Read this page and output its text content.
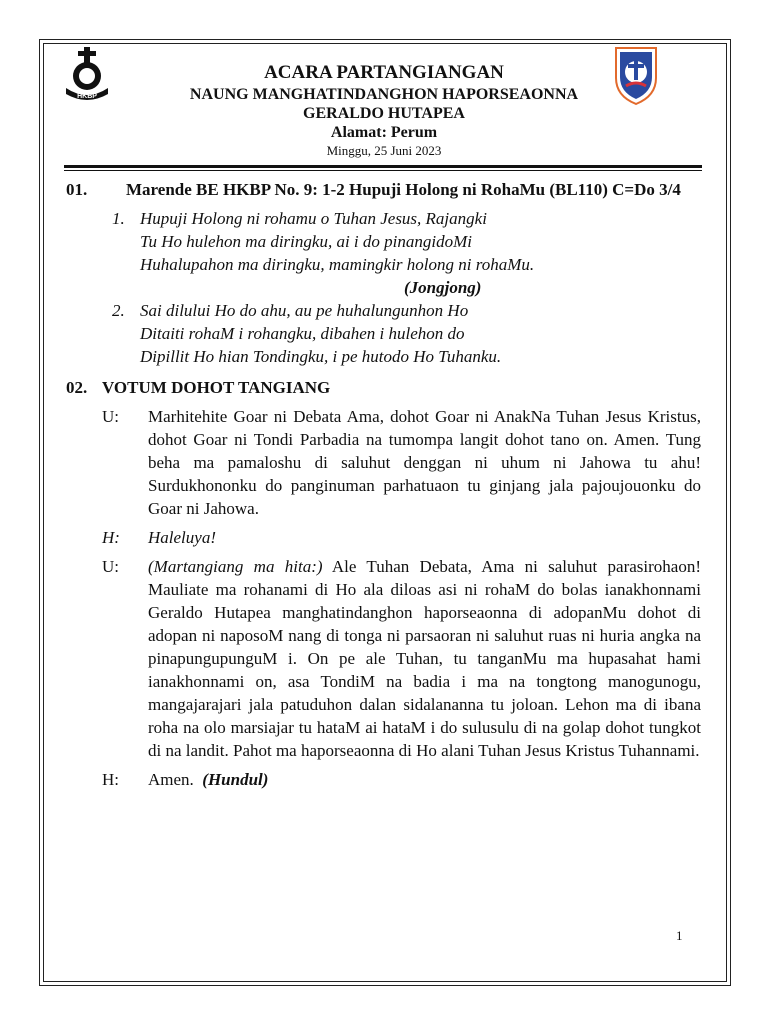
HKBP
ACARA PARTANGIANGAN
NAUNG MANGHATINDANGHON HAPORSEAONNA
GERALDO HUTAPEA
Alamat: Perum
Minggu, 25 Juni 2023
01.	Marende BE HKBP No. 9: 1-2 Hupuji Holong ni RohaMu (BL110) C=Do 3/4
1. Hupuji Holong ni rohamu o Tuhan Jesus, Rajangki
Tu Ho hulehon ma diringku, ai i do pinangidoMi
Huhalupahon ma diringku, mamingkir holong ni rohaMu.
(Jongjong)
2. Sai dilului Ho do ahu, au pe huhalungunhon Ho
Ditaiti rohaM i rohangku, dibahen i hulehon do
Dipillit Ho hian Tondingku, i pe hutodo Ho Tuhanku.
02. VOTUM DOHOT TANGIANG
U:	Marhitehite Goar ni Debata Ama, dohot Goar ni AnakNa Tuhan Jesus Kristus, dohot Goar ni Tondi Parbadia na tumompa langit dohot tano on. Amen. Tung beha ma pamaloshu di saluhut denggan ni uhum ni Jahowa tu ahu! Surdukhononku do panginuman parhatuaon tu ginjang jala pajoujouonku do Goar ni Jahowa.
H:	Haleluya!
U:	(Martangiang ma hita:) Ale Tuhan Debata, Ama ni saluhut parasirohaon! Mauliate ma rohanami di Ho ala diloas asi ni rohaM do bolas ianakhonnami Geraldo Hutapea manghatindanghon haporseaonna di adopanMu dohot di adopan ni naposoM nang di tonga ni parsaoran ni saluhut ruas ni huria angka na pinapungupunguM i. On pe ale Tuhan, tu tanganMu ma hupasahat hami ianakhonnami on, asa TondiM na badia i ma na tongtong manogunogu, mangajarajari jala patuduhon dalan sidalananna tu joloan. Lehon ma di ibana roha na olo marsiajar tu hataM ai hataM i do sulusulu di na golap dohot tungkot di na landit. Pahot ma haporseaonna di Ho alani Tuhan Jesus Kristus Tuhannami.
H:	Amen. (Hundul)
1
